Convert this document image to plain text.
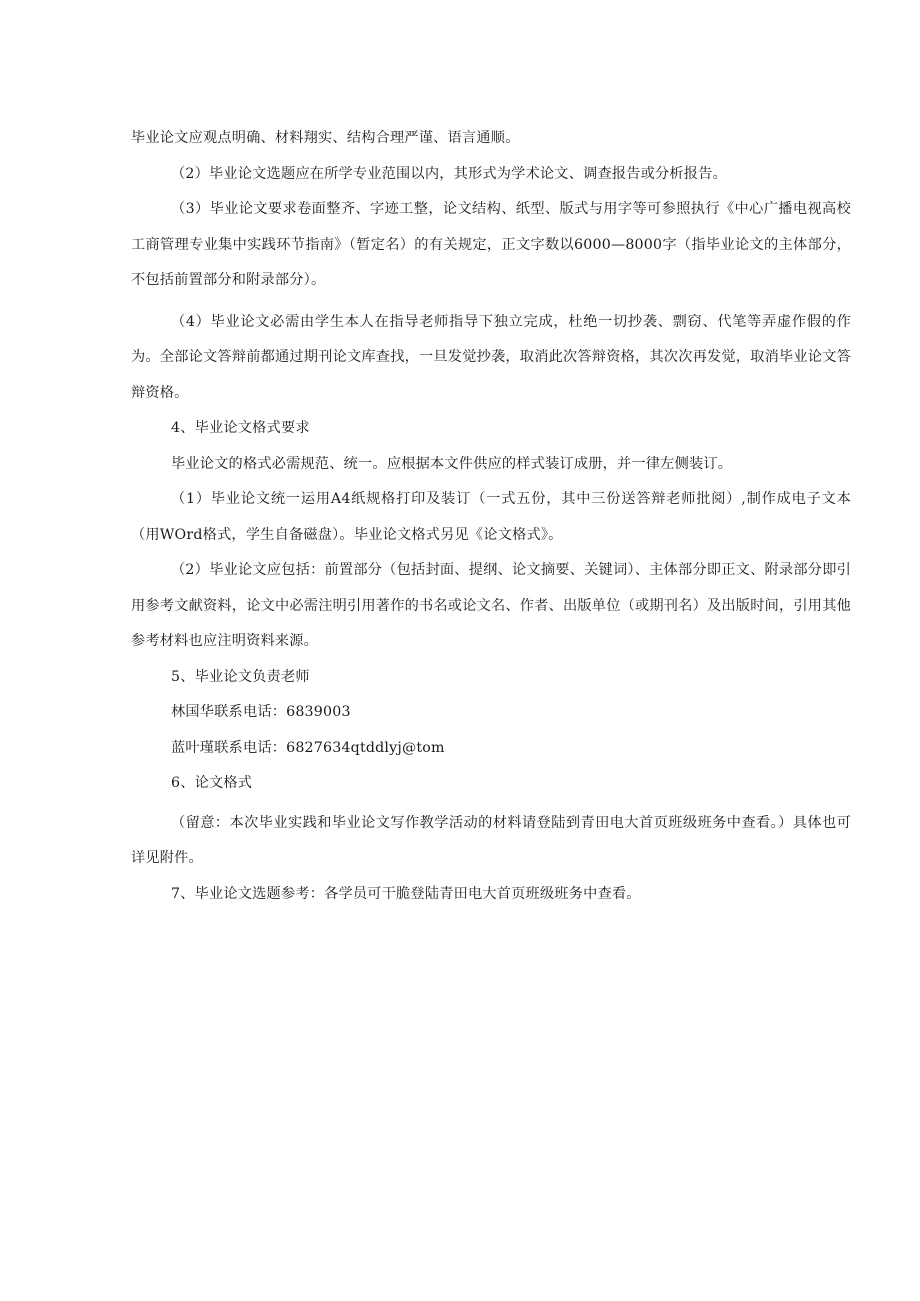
毕业论文应观点明确、材料翔实、结构合理严谨、语言通顺。

（2）毕业论文选题应在所学专业范围以内，其形式为学术论文、调查报告或分析报告。

（3）毕业论文要求卷面整齐、字迹工整，论文结构、纸型、版式与用字等可参照执行《中心广播电视高校工商管理专业集中实践环节指南》（暂定名）的有关规定，正文字数以6000—8000字（指毕业论文的主体部分，不包括前置部分和附录部分）。

（4）毕业论文必需由学生本人在指导老师指导下独立完成，杜绝一切抄袭、剽窃、代笔等弄虚作假的作为。全部论文答辩前都通过期刊论文库查找，一旦发觉抄袭，取消此次答辩资格，其次次再发觉，取消毕业论文答辩资格。

4、毕业论文格式要求

毕业论文的格式必需规范、统一。应根据本文件供应的样式装订成册，并一律左侧装订。

（1）毕业论文统一运用A4纸规格打印及装订（一式五份，其中三份送答辩老师批阅）,制作成电子文本（用WOrd格式，学生自备磁盘）。毕业论文格式另见《论文格式》。

（2）毕业论文应包括：前置部分（包括封面、提纲、论文摘要、关键词）、主体部分即正文、附录部分即引用参考文献资料，论文中必需注明引用著作的书名或论文名、作者、出版单位（或期刊名）及出版时间，引用其他参考材料也应注明资料来源。

5、毕业论文负责老师

林国华联系电话：6839003

蓝叶瑾联系电话：6827634qtddlyj@tom

6、论文格式

（留意：本次毕业实践和毕业论文写作教学活动的材料请登陆到青田电大首页班级班务中查看。）具体也可详见附件。

7、毕业论文选题参考：各学员可干脆登陆青田电大首页班级班务中查看。
